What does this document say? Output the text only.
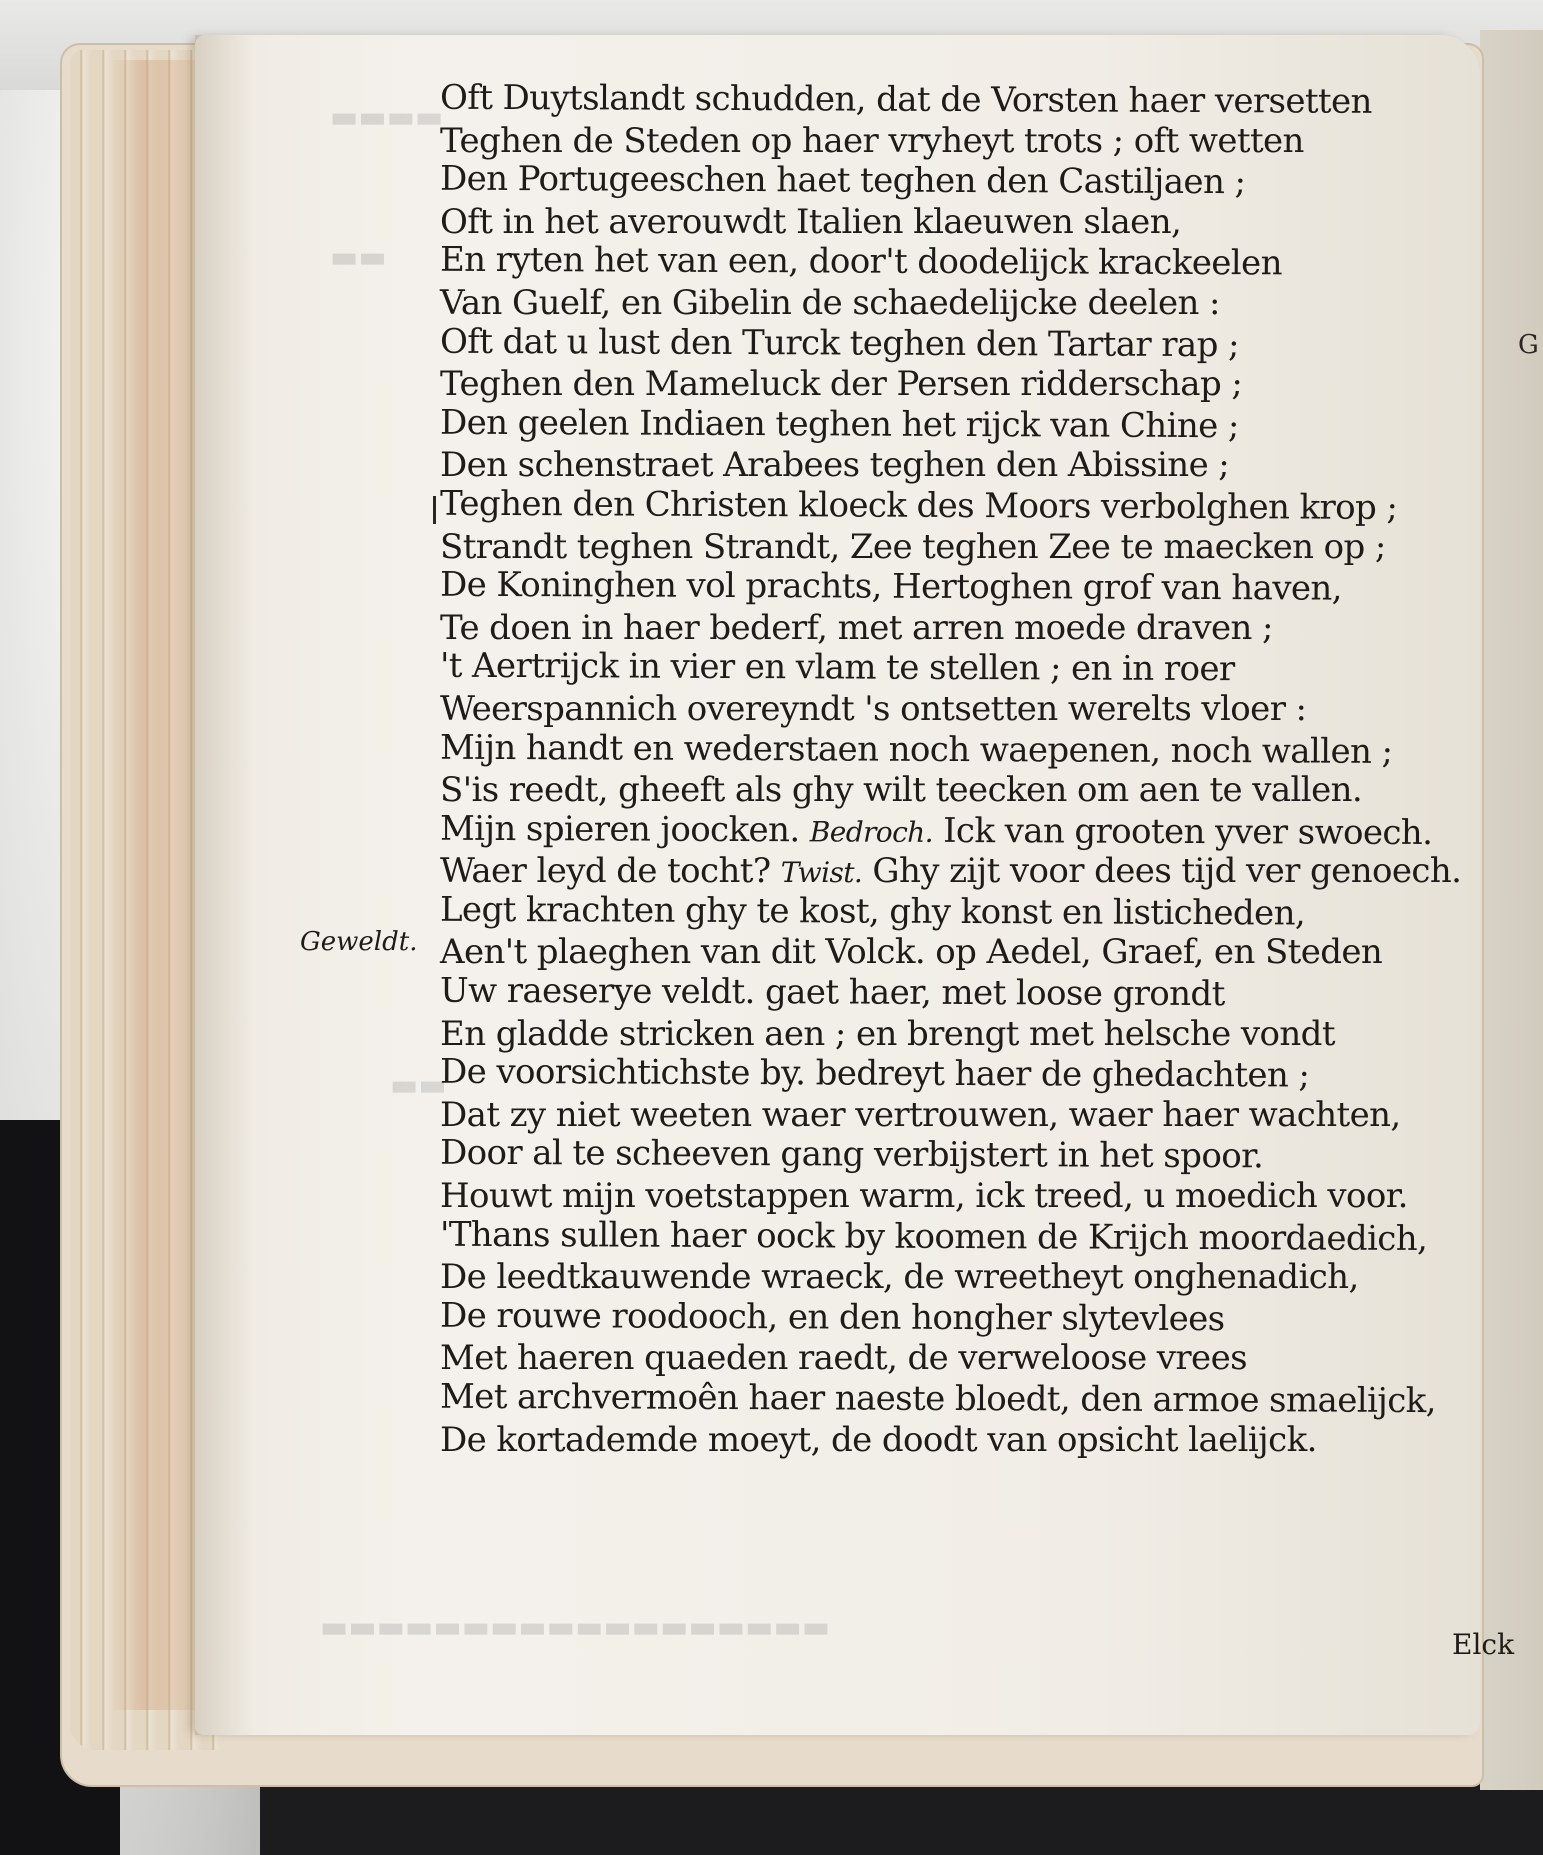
▬▬▬▬
▬▬
▬▬
▬▬▬▬▬▬▬▬▬▬▬▬▬▬▬▬▬▬
Geweldt.
Oft Duytslandt schudden, dat de Vorsten haer versetten
Teghen de Steden op haer vryheyt trots ; oft wetten
Den Portugeeschen haet teghen den Castiljaen ;
Oft in het averouwdt Italien klaeuwen slaen,
En ryten het van een, door't doodelijck krackeelen
Van Guelf, en Gibelin de schaedelijcke deelen :
Oft dat u lust den Turck teghen den Tartar rap ;
Teghen den Mameluck der Persen ridderschap ;
Den geelen Indiaen teghen het rijck van Chine ;
Den schenstraet Arabees teghen den Abissine ;
Teghen den Christen kloeck des Moors verbolghen krop ;
Strandt teghen Strandt, Zee teghen Zee te maecken op ;
De Koninghen vol prachts, Hertoghen grof van haven,
Te doen in haer bederf, met arren moede draven ;
't Aertrijck in vier en vlam te stellen ; en in roer
Weerspannich overeyndt 's ontsetten werelts vloer :
Mijn handt en wederstaen noch waepenen, noch wallen ;
S'is reedt, gheeft als ghy wilt teecken om aen te vallen.
Mijn spieren joocken. Bedroch. Ick van grooten yver swoech.
Waer leyd de tocht? Twist. Ghy zijt voor dees tijd ver genoech.
Legt krachten ghy te kost, ghy konst en listicheden,
Aen't plaeghen van dit Volck. op Aedel, Graef, en Steden
Uw raeserye veldt. gaet haer, met loose grondt
En gladde stricken aen ; en brengt met helsche vondt
De voorsichtichste by. bedreyt haer de ghedachten ;
Dat zy niet weeten waer vertrouwen, waer haer wachten,
Door al te scheeven gang verbijstert in het spoor.
Houwt mijn voetstappen warm, ick treed, u moedich voor.
'Thans sullen haer oock by koomen de Krijch moordaedich,
De leedtkauwende wraeck, de wreetheyt onghenadich,
De rouwe roodooch, en den hongher slytevlees
Met haeren quaeden raedt, de verweloose vrees
Met archvermoên haer naeste bloedt, den armoe smaelijck,
De kortademde moeyt, de doodt van opsicht laelijck.
Elck
G
